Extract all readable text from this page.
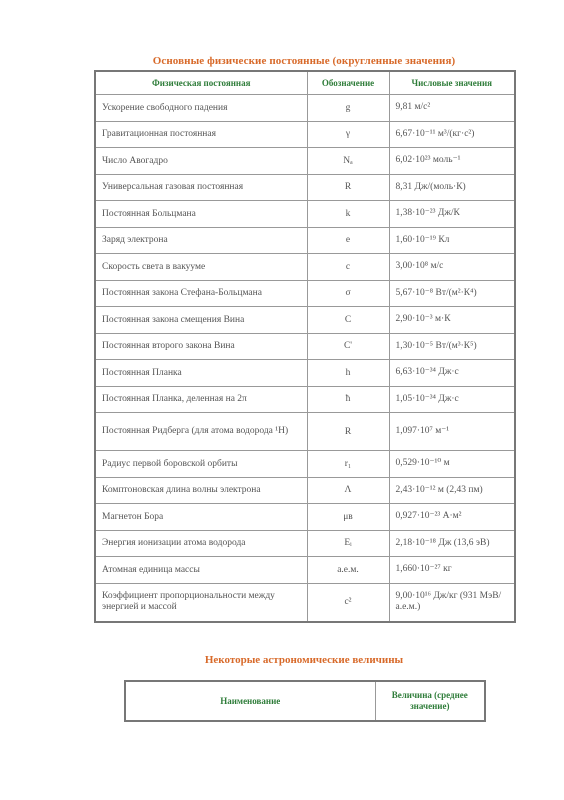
Основные физические постоянные (округленные значения)
Физическая постоянная	Обозначение	Числовые значения
Ускорение свободного падения	g	9,81 м/с²
Гравитационная постоянная	γ	6,67·10⁻¹¹ м³/(кг·с²)
Число Авогадро	Nₐ	6,02·10²³ моль⁻¹
Универсальная газовая постоянная	R	8,31 Дж/(моль·К)
Постоянная Больцмана	k	1,38·10⁻²³ Дж/К
Заряд электрона	e	1,60·10⁻¹⁹ Кл
Скорость света в вакууме	c	3,00·10⁸ м/с
Постоянная закона Стефана-Больцмана	σ	5,67·10⁻⁸ Вт/(м²·К⁴)
Постоянная закона смещения Вина	C	2,90·10⁻³ м·К
Постоянная второго закона Вина	C'	1,30·10⁻⁵ Вт/(м³·К⁵)
Постоянная Планка	h	6,63·10⁻³⁴ Дж·с
Постоянная Планка, деленная на 2π	ħ	1,05·10⁻³⁴ Дж·с
Постоянная Ридберга (для атома водорода ¹H)	R	1,097·10⁷ м⁻¹
Радиус первой боровской орбиты	r₁	0,529·10⁻¹⁰ м
Комптоновская длина волны электрона	Λ	2,43·10⁻¹² м (2,43 пм)
Магнетон Бора	μʙ	0,927·10⁻²³ А·м²
Энергия ионизации атома водорода	Eᵢ	2,18·10⁻¹⁸ Дж (13,6 эВ)
Атомная единица массы	а.е.м.	1,660·10⁻²⁷ кг
Коэффициент пропорциональности между энергией и массой	c²	9,00·10¹⁶ Дж/кг (931 МэВ/а.е.м.)
Некоторые астрономические величины
Наименование	Величина (среднее значение)
